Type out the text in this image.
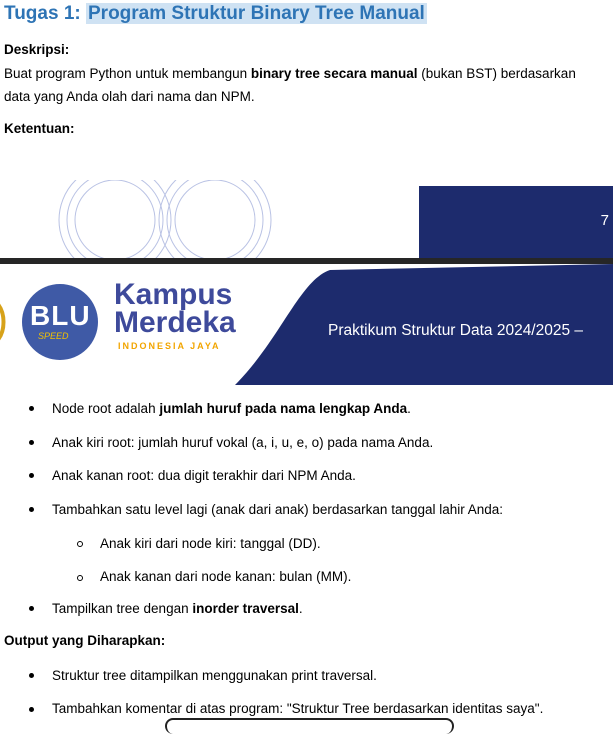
Tugas 1: Program Struktur Binary Tree Manual
Deskripsi:
Buat program Python untuk membangun binary tree secara manual (bukan BST) berdasarkan
data yang Anda olah dari nama dan NPM.
Ketentuan:
7
BLU
SPEED
Kampus
Merdeka
INDONESIA JAYA
Praktikum Struktur Data 2024/2025 –
Node root adalah jumlah huruf pada nama lengkap Anda.
Anak kiri root: jumlah huruf vokal (a, i, u, e, o) pada nama Anda.
Anak kanan root: dua digit terakhir dari NPM Anda.
Tambahkan satu level lagi (anak dari anak) berdasarkan tanggal lahir Anda:
Anak kiri dari node kiri: tanggal (DD).
Anak kanan dari node kanan: bulan (MM).
Tampilkan tree dengan inorder traversal.
Output yang Diharapkan:
Struktur tree ditampilkan menggunakan print traversal.
Tambahkan komentar di atas program: "Struktur Tree berdasarkan identitas saya".
